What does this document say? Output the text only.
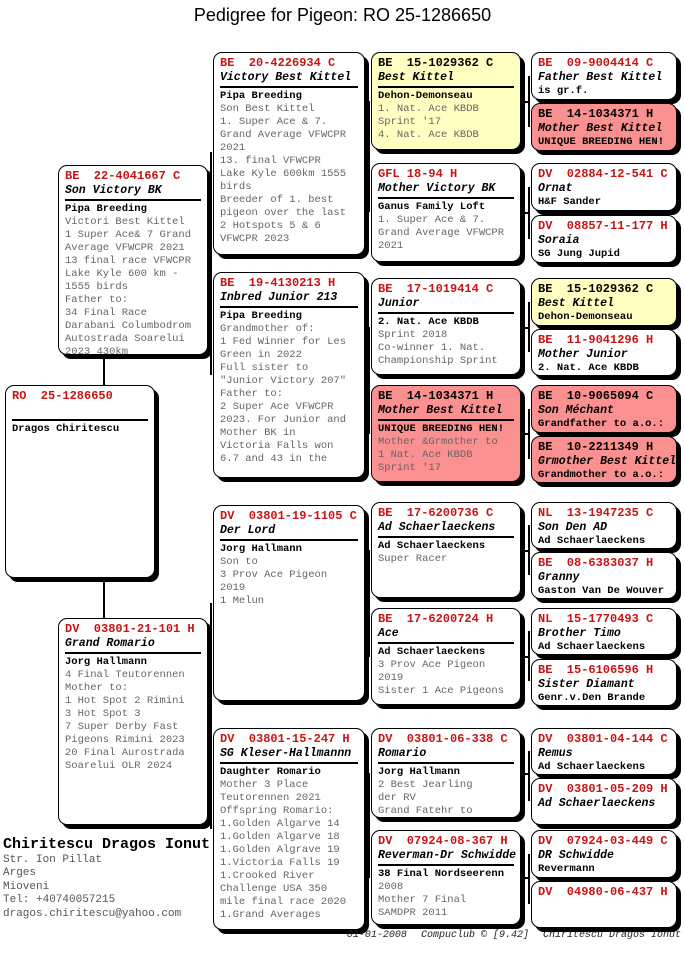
Pedigree for Pigeon: RO 25-1286650
RO  25-1286650
Dragos Chiritescu
BE  22-4041667 C
Son Victory BK
Pipa Breeding
Victori Best Kittel
1 Super Ace& 7 Grand
Average VFWCPR 2021
13 final race VFWCPR
Lake Kyle 600 km -
1555 birds
Father to:
34 Final Race
Darabani Columbodrom
Autostrada Soarelui
2023 430km
DV  03801-21-101 H
Grand Romario
Jorg Hallmann
4 Final Teutorennen
Mother to:
1 Hot Spot 2 Rimini
3 Hot Spot 3
7 Super Derby Fast
Pigeons Rimini 2023
20 Final Aurostrada
Soarelui OLR 2024
BE  20-4226934 C
Victory Best Kittel
Pipa Breeding
Son Best Kittel
1. Super Ace & 7.
Grand Average VFWCPR
2021
13. final VFWCPR
Lake Kyle 600km 1555
birds
Breeder of 1. best
pigeon over the last
2 Hotspots 5 & 6
VFWCPR 2023
BE  19-4130213 H
Inbred Junior 213
Pipa Breeding
Grandmother of:
1 Fed Winner for Les
Green in 2022
Full sister to
"Junior Victory 207"
Father to:
2 Super Ace VFWCPR
2023. For Junior and
Mother BK in
Victoria Falls won
6.7 and 43 in the
DV  03801-19-1105 C
Der Lord
Jorg Hallmann
Son to
3 Prov Ace Pigeon
2019
1 Melun
DV  03801-15-247 H
SG Kleser-Hallmannn
Daughter Romario
Mother 3 Place
Teutorennen 2021
Offspring Romario:
1.Golden Algarve 14
1.Golden Algarve 18
1.Golden Algrave 19
1.Victoria Falls 19
1.Crooked River
Challenge USA 350
mile final race 2020
1.Grand Averages
BE  15-1029362 C
Best Kittel
Dehon-Demonseau
1. Nat. Ace KBDB
Sprint '17
4. Nat. Ace KBDB
GFL 18-94 H
Mother Victory BK
Ganus Family Loft
1. Super Ace & 7.
Grand Average VFWCPR
2021
BE  17-1019414 C
Junior
2. Nat. Ace KBDB
Sprint 2018
Co-winner 1. Nat.
Championship Sprint
BE  14-1034371 H
Mother Best Kittel
UNIQUE BREEDING HEN!
Mother &Grmother to
1 Nat. Ace KBDB
Sprint '17
BE  17-6200736 C
Ad Schaerlaeckens
Ad Schaerlaeckens
Super Racer
BE  17-6200724 H
Ace
Ad Schaerlaeckens
3 Prov Ace Pigeon
2019
Sister 1 Ace Pigeons
DV  03801-06-338 C
Romario
Jorg Hallmann
2 Best Jearling
der RV
Grand Fatehr to
DV  07924-08-367 H
Reverman-Dr Schwidde
38 Final Nordseerenn
2008
Mother 7 Final
SAMDPR 2011
BE  09-9004414 C
Father Best Kittel
is gr.f.
BE  14-1034371 H
Mother Best Kittel
UNIQUE BREEDING HEN!
DV  02884-12-541 C
Ornat
H&F Sander
DV  08857-11-177 H
Soraia
SG Jung Jupid
BE  15-1029362 C
Best Kittel
Dehon-Demonseau
BE  11-9041296 H
Mother Junior
2. Nat. Ace KBDB
BE  10-9065094 C
Son Méchant
Grandfather to a.o.:
BE  10-2211349 H
Grmother Best Kittel
Grandmother to a.o.:
NL  13-1947235 C
Son Den AD
Ad Schaerlaeckens
BE  08-6383037 H
Granny
Gaston Van De Wouver
NL  15-1770493 C
Brother Timo
Ad Schaerlaeckens
BE  15-6106596 H
Sister Diamant
Genr.v.Den Brande
DV  03801-04-144 C
Remus
Ad Schaerlaeckens
DV  03801-05-209 H
Ad Schaerlaeckens
DV  07924-03-449 C
DR Schwidde
Revermann
DV  04980-06-437 H
Chiritescu Dragos Ionut
Str. Ion Pillat
Arges
Mioveni
Tel: +40740057215
dragos.chiritescu@yahoo.com
01-01-2008 Compuclub © [9.42] Chiritescu Dragos Ionut
